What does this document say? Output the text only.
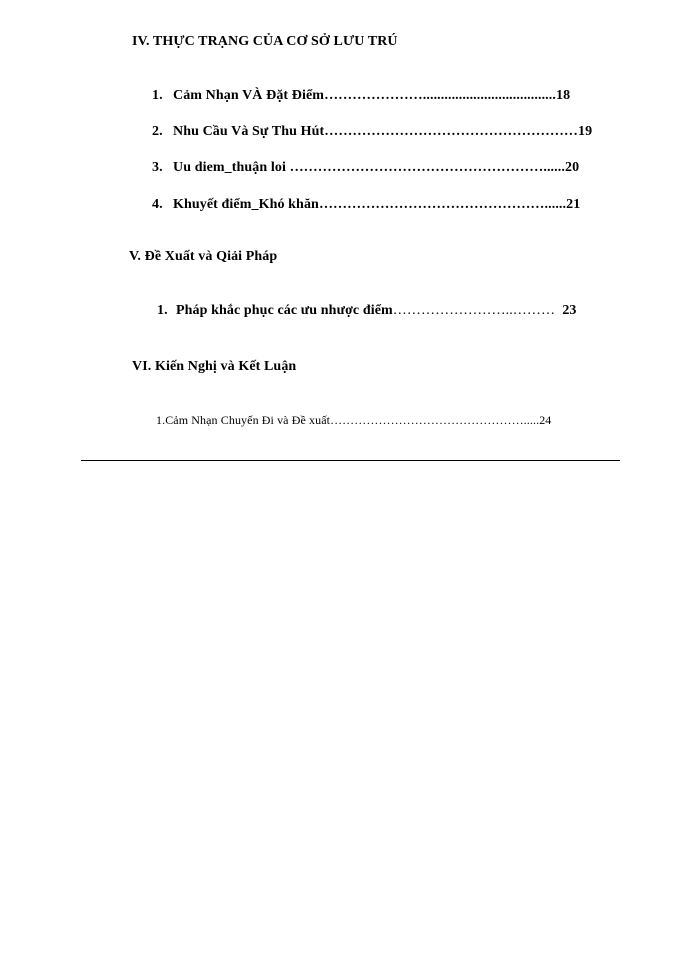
IV. THỰC TRẠNG CỦA CƠ SỞ LƯU TRÚ
1. Cảm Nhạn VÀ Đặt Điểm………………….....................................18
2. Nhu Cầu Và Sự Thu Hút………………………………………………19
3. Uu diem_thuận loi ………………………………………………......20
4. Khuyết điểm_Khó khăn…………………………………………......21
V. Đề Xuất và Qiải Pháp
1. Pháp khắc phục các ưu nhược điểm……………………..……… 23
VI. Kiến Nghị và Kết Luận
1.Cảm Nhạn Chuyến Đi và Đề xuất………………………………………….....24
